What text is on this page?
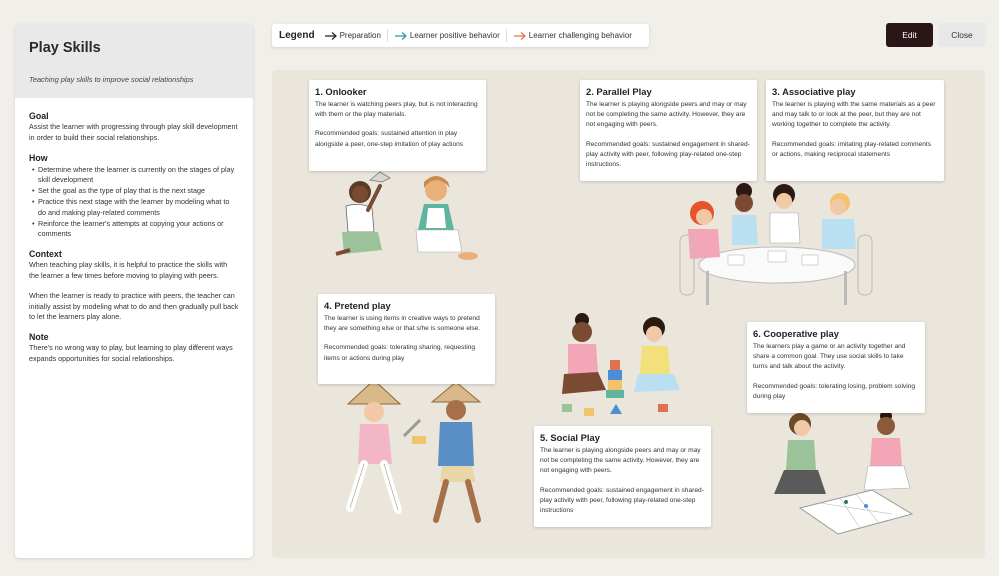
Play Skills
Teaching play skills to improve social relationships
Goal
Assist the learner with progressing through play skill development in order to build their social relationships.
How
• Determine where the learner is currently on the stages of play skill development
• Set the goal as the type of play that is the next stage
• Practice this next stage with the learner by modeling what to do and making play-related comments
• Reinforce the learner's attempts at copying your actions or comments
Context
When teaching play skills, it is helpful to practice the skills with the learner a few times before moving to playing with peers.
When the learner is ready to practice with peers, the teacher can initially assist by modeling what to do and then gradually pull back to let the learners play alone.
Note
There's no wrong way to play, but learning to play different ways expands opportunities for social relationships.
Legend	Preparation	Learner positive behavior	Learner challenging behavior	Edit	Close
1. Onlooker
The learner is watching peers play, but is not interacting with them or the play materials.
Recommended goals: sustained attention in play alongside a peer, one-step imitation of play actions
2. Parallel Play
The learner is playing alongside peers and may or may not be completing the same activity. However, they are not engaging with peers.
Recommended goals: sustained engagement in shared-play activity with peer, following play-related one-step instructions.
3. Associative play
The learner is playing with the same materials as a peer and may talk to or look at the peer, but they are not working together to complete the activity.
Recommended goals: imitating play-related comments or actions, making reciprocal statements
4. Pretend play
The learner is using items in creative ways to pretend they are something else or that s/he is someone else.
Recommended goals: tolerating sharing, requesting items or actions during play
5. Social Play
The learner is playing alongside peers and may or may not be completing the same activity. However, they are not engaging with peers.
Recommended goals: sustained engagement in shared-play activity with peer, following play-related one-step instructions
6. Cooperative play
The learners play a game or an activity together and share a common goal. They use social skills to take turns and talk about the activity.
Recommended goals: tolerating losing, problem solving during play
